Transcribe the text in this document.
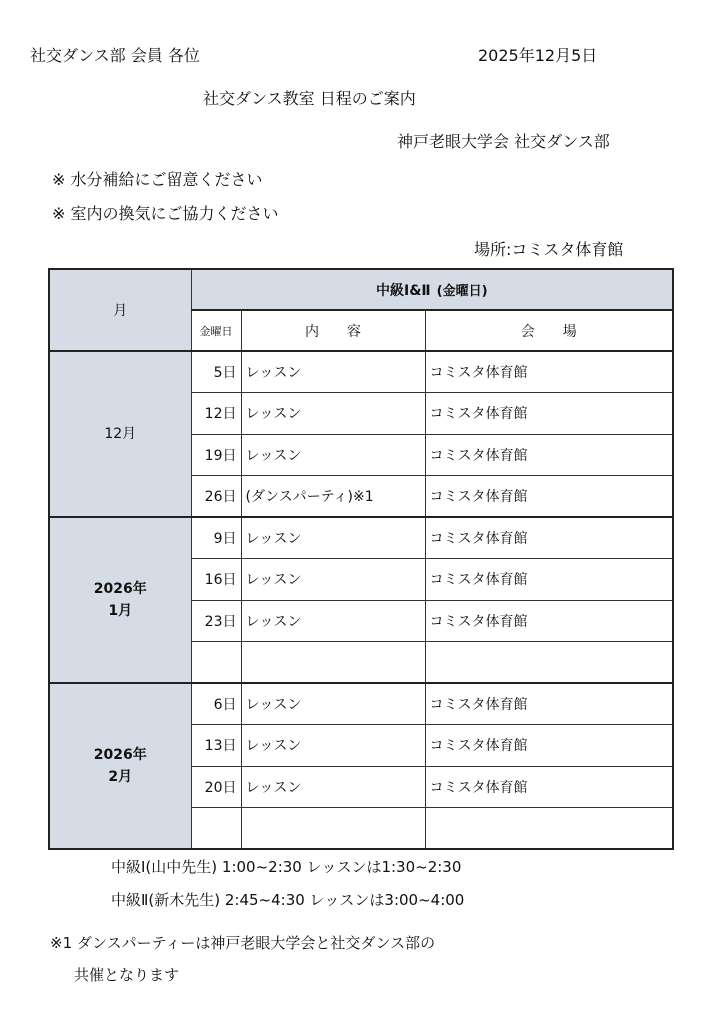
社交ダンス部 会員 各位	2025年12月5日
社交ダンス教室 日程のご案内
神戸老眼大学会 社交ダンス部
※ 水分補給にご留意ください
※ 室内の換気にご協力ください
場所:コミスタ体育館
月	中級Ⅰ&Ⅱ (金曜日)		
	金曜日	内　　容	会　　場
12月	5日	レッスン	コミスタ体育館
	12日	レッスン	コミスタ体育館
	19日	レッスン	コミスタ体育館
	26日	(ダンスパーティ)※1	コミスタ体育館

2026年
1月	9日	レッスン	コミスタ体育館
	16日	レッスン	コミスタ体育館
	23日	レッスン	コミスタ体育館

2026年
2月	6日	レッスン	コミスタ体育館
	13日	レッスン	コミスタ体育館
	20日	レッスン	コミスタ体育館

中級Ⅰ(山中先生) 1:00~2:30 レッスンは1:30~2:30
中級Ⅱ(新木先生) 2:45~4:30 レッスンは3:00~4:00
※1 ダンスパーティーは神戸老眼大学会と社交ダンス部の
共催となります
